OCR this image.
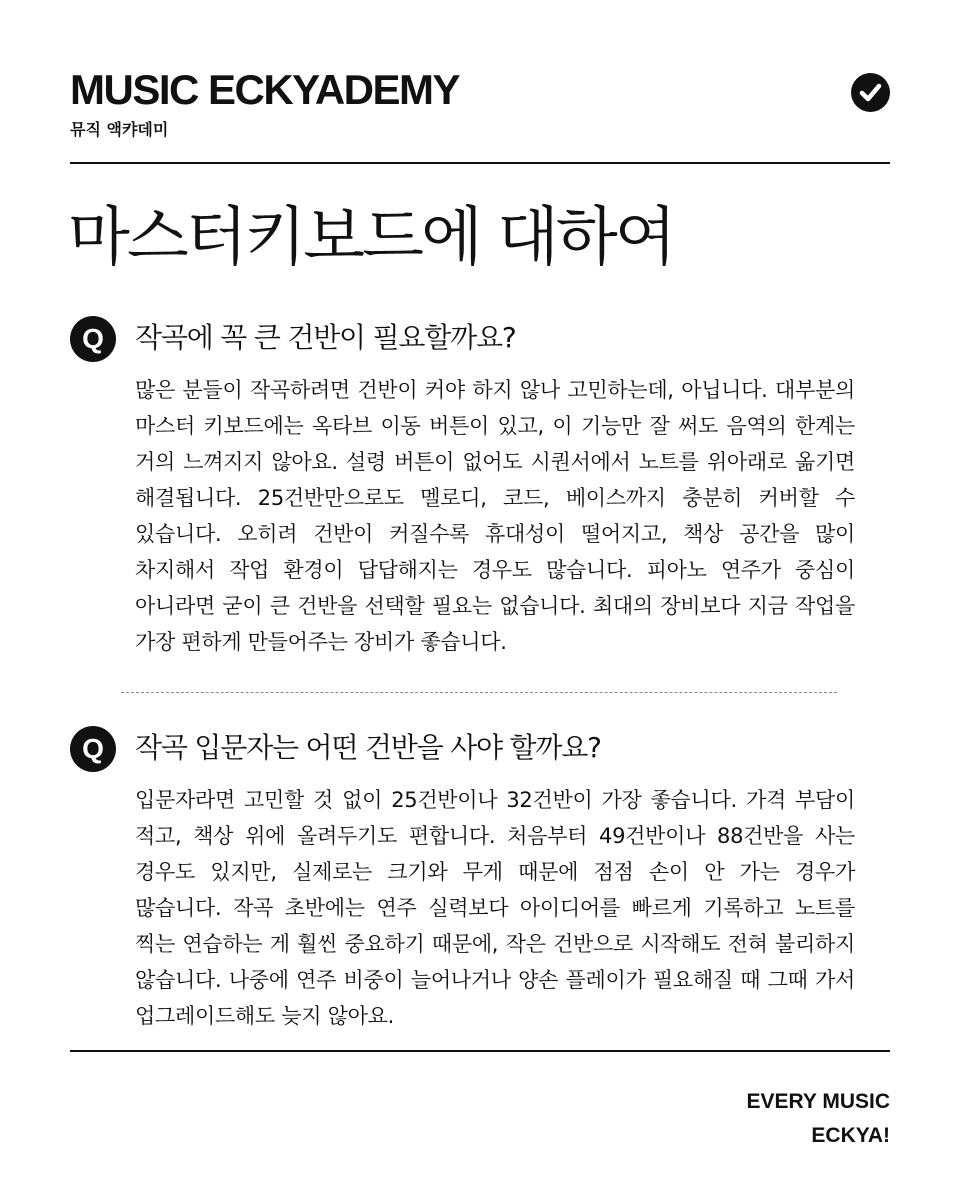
MUSIC ECKYADEMY
뮤직 액캬데미
마스터키보드에 대하여
Q	작곡에 꼭 큰 건반이 필요할까요?

많은 분들이 작곡하려면 건반이 커야 하지 않나 고민하는데, 아닙니다. 대부분의 마스터 키보드에는 옥타브 이동 버튼이 있고, 이 기능만 잘 써도 음역의 한계는 거의 느껴지지 않아요. 설령 버튼이 없어도 시퀀서에서 노트를 위아래로 옮기면 해결됩니다. 25건반만으로도 멜로디, 코드, 베이스까지 충분히 커버할 수 있습니다. 오히려 건반이 커질수록 휴대성이 떨어지고, 책상 공간을 많이 차지해서 작업 환경이 답답해지는 경우도 많습니다. 피아노 연주가 중심이 아니라면 굳이 큰 건반을 선택할 필요는 없습니다. 최대의 장비보다 지금 작업을 가장 편하게 만들어주는 장비가 좋습니다.

Q	작곡 입문자는 어떤 건반을 사야 할까요?

입문자라면 고민할 것 없이 25건반이나 32건반이 가장 좋습니다. 가격 부담이 적고, 책상 위에 올려두기도 편합니다. 처음부터 49건반이나 88건반을 사는 경우도 있지만, 실제로는 크기와 무게 때문에 점점 손이 안 가는 경우가 많습니다. 작곡 초반에는 연주 실력보다 아이디어를 빠르게 기록하고 노트를 찍는 연습하는 게 훨씬 중요하기 때문에, 작은 건반으로 시작해도 전혀 불리하지 않습니다. 나중에 연주 비중이 늘어나거나 양손 플레이가 필요해질 때 그때 가서 업그레이드해도 늦지 않아요.

EVERY MUSIC
ECKYA!
